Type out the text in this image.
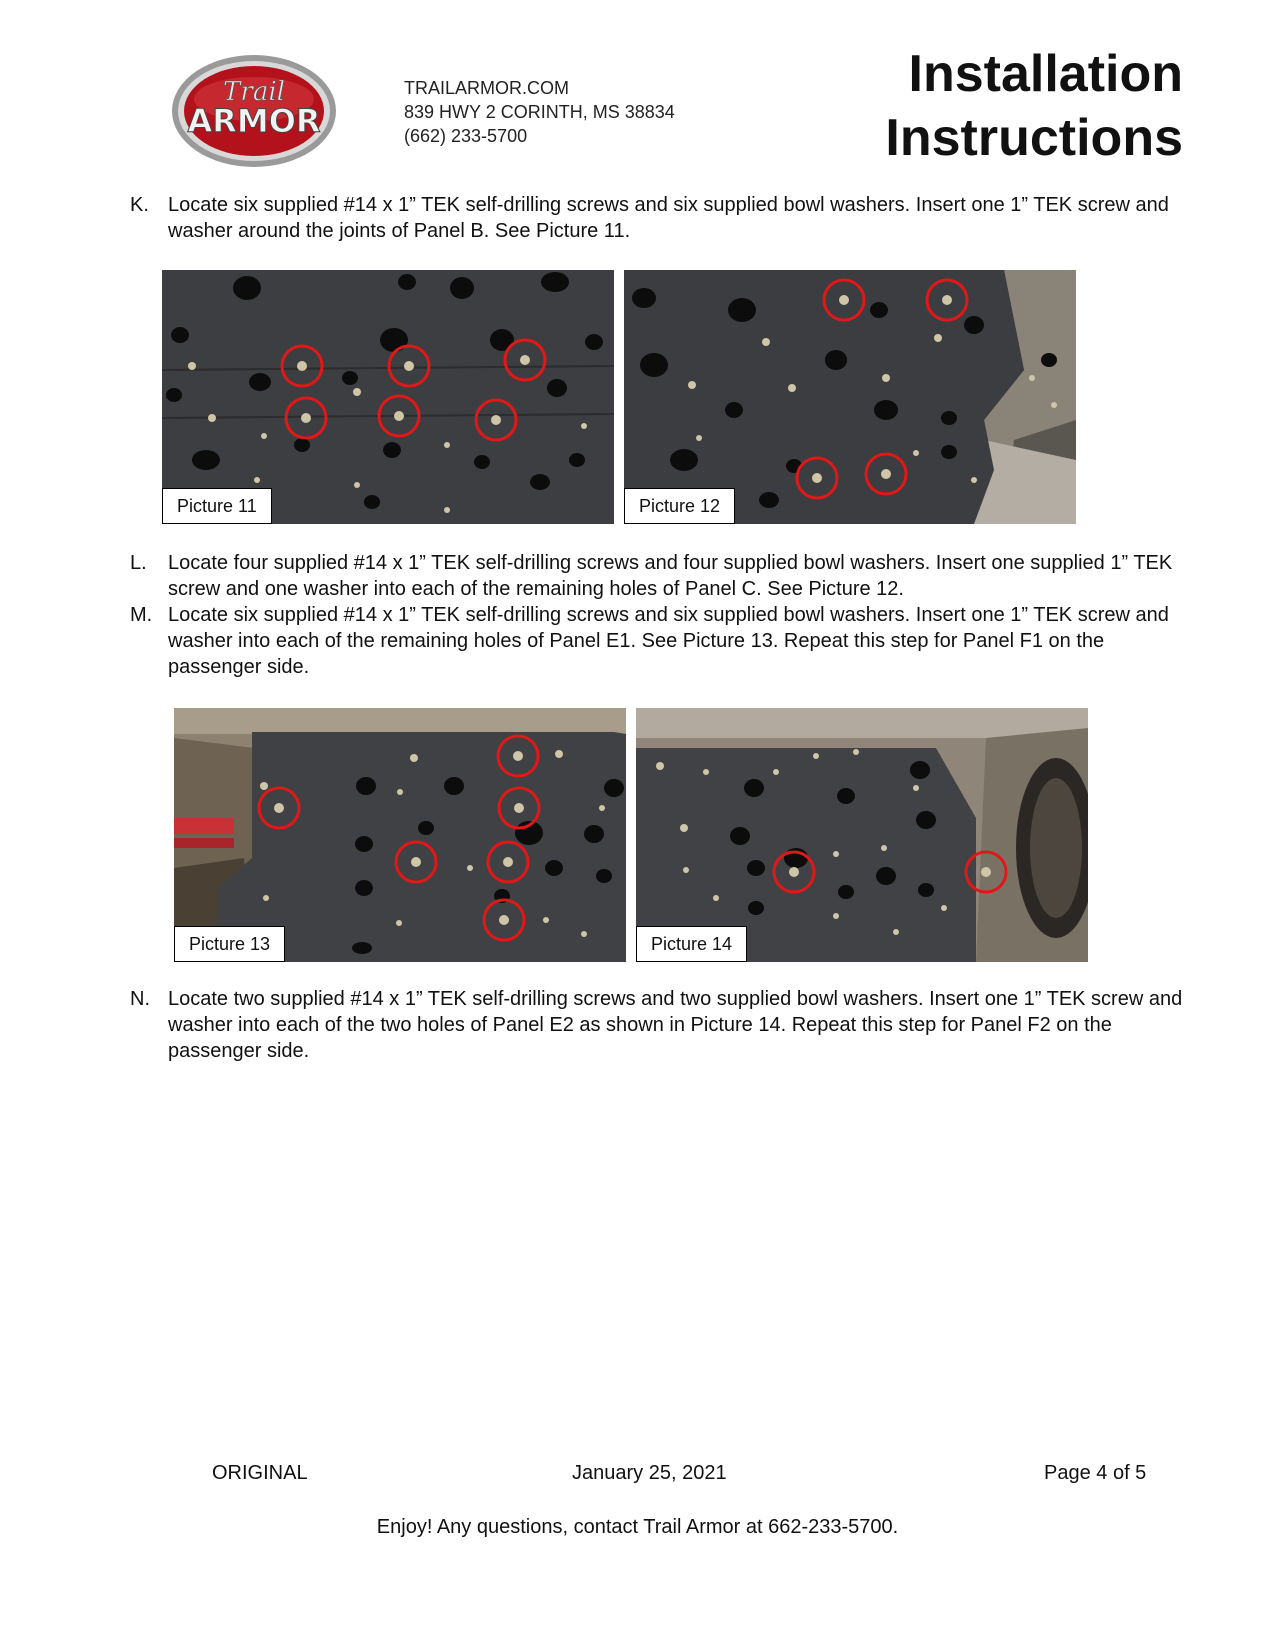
Trail
ARMOR
TRAILARMOR.COM
839 HWY 2 CORINTH, MS 38834
(662) 233-5700
Installation
Instructions
K. Locate six supplied #14 x 1” TEK self-drilling screws and six supplied bowl washers. Insert one 1” TEK screw and washer around the joints of Panel B. See Picture 11.
Picture 11	Picture 12
L. Locate four supplied #14 x 1” TEK self-drilling screws and four supplied bowl washers. Insert one supplied 1” TEK screw and one washer into each of the remaining holes of Panel C. See Picture 12.
M. Locate six supplied #14 x 1” TEK self-drilling screws and six supplied bowl washers. Insert one 1” TEK screw and washer into each of the remaining holes of Panel E1. See Picture 13. Repeat this step for Panel F1 on the passenger side.
Picture 13	Picture 14
N. Locate two supplied #14 x 1” TEK self-drilling screws and two supplied bowl washers. Insert one 1” TEK screw and washer into each of the two holes of Panel E2 as shown in Picture 14. Repeat this step for Panel F2 on the passenger side.
ORIGINAL	January 25, 2021	Page 4 of 5
Enjoy! Any questions, contact Trail Armor at 662-233-5700.
